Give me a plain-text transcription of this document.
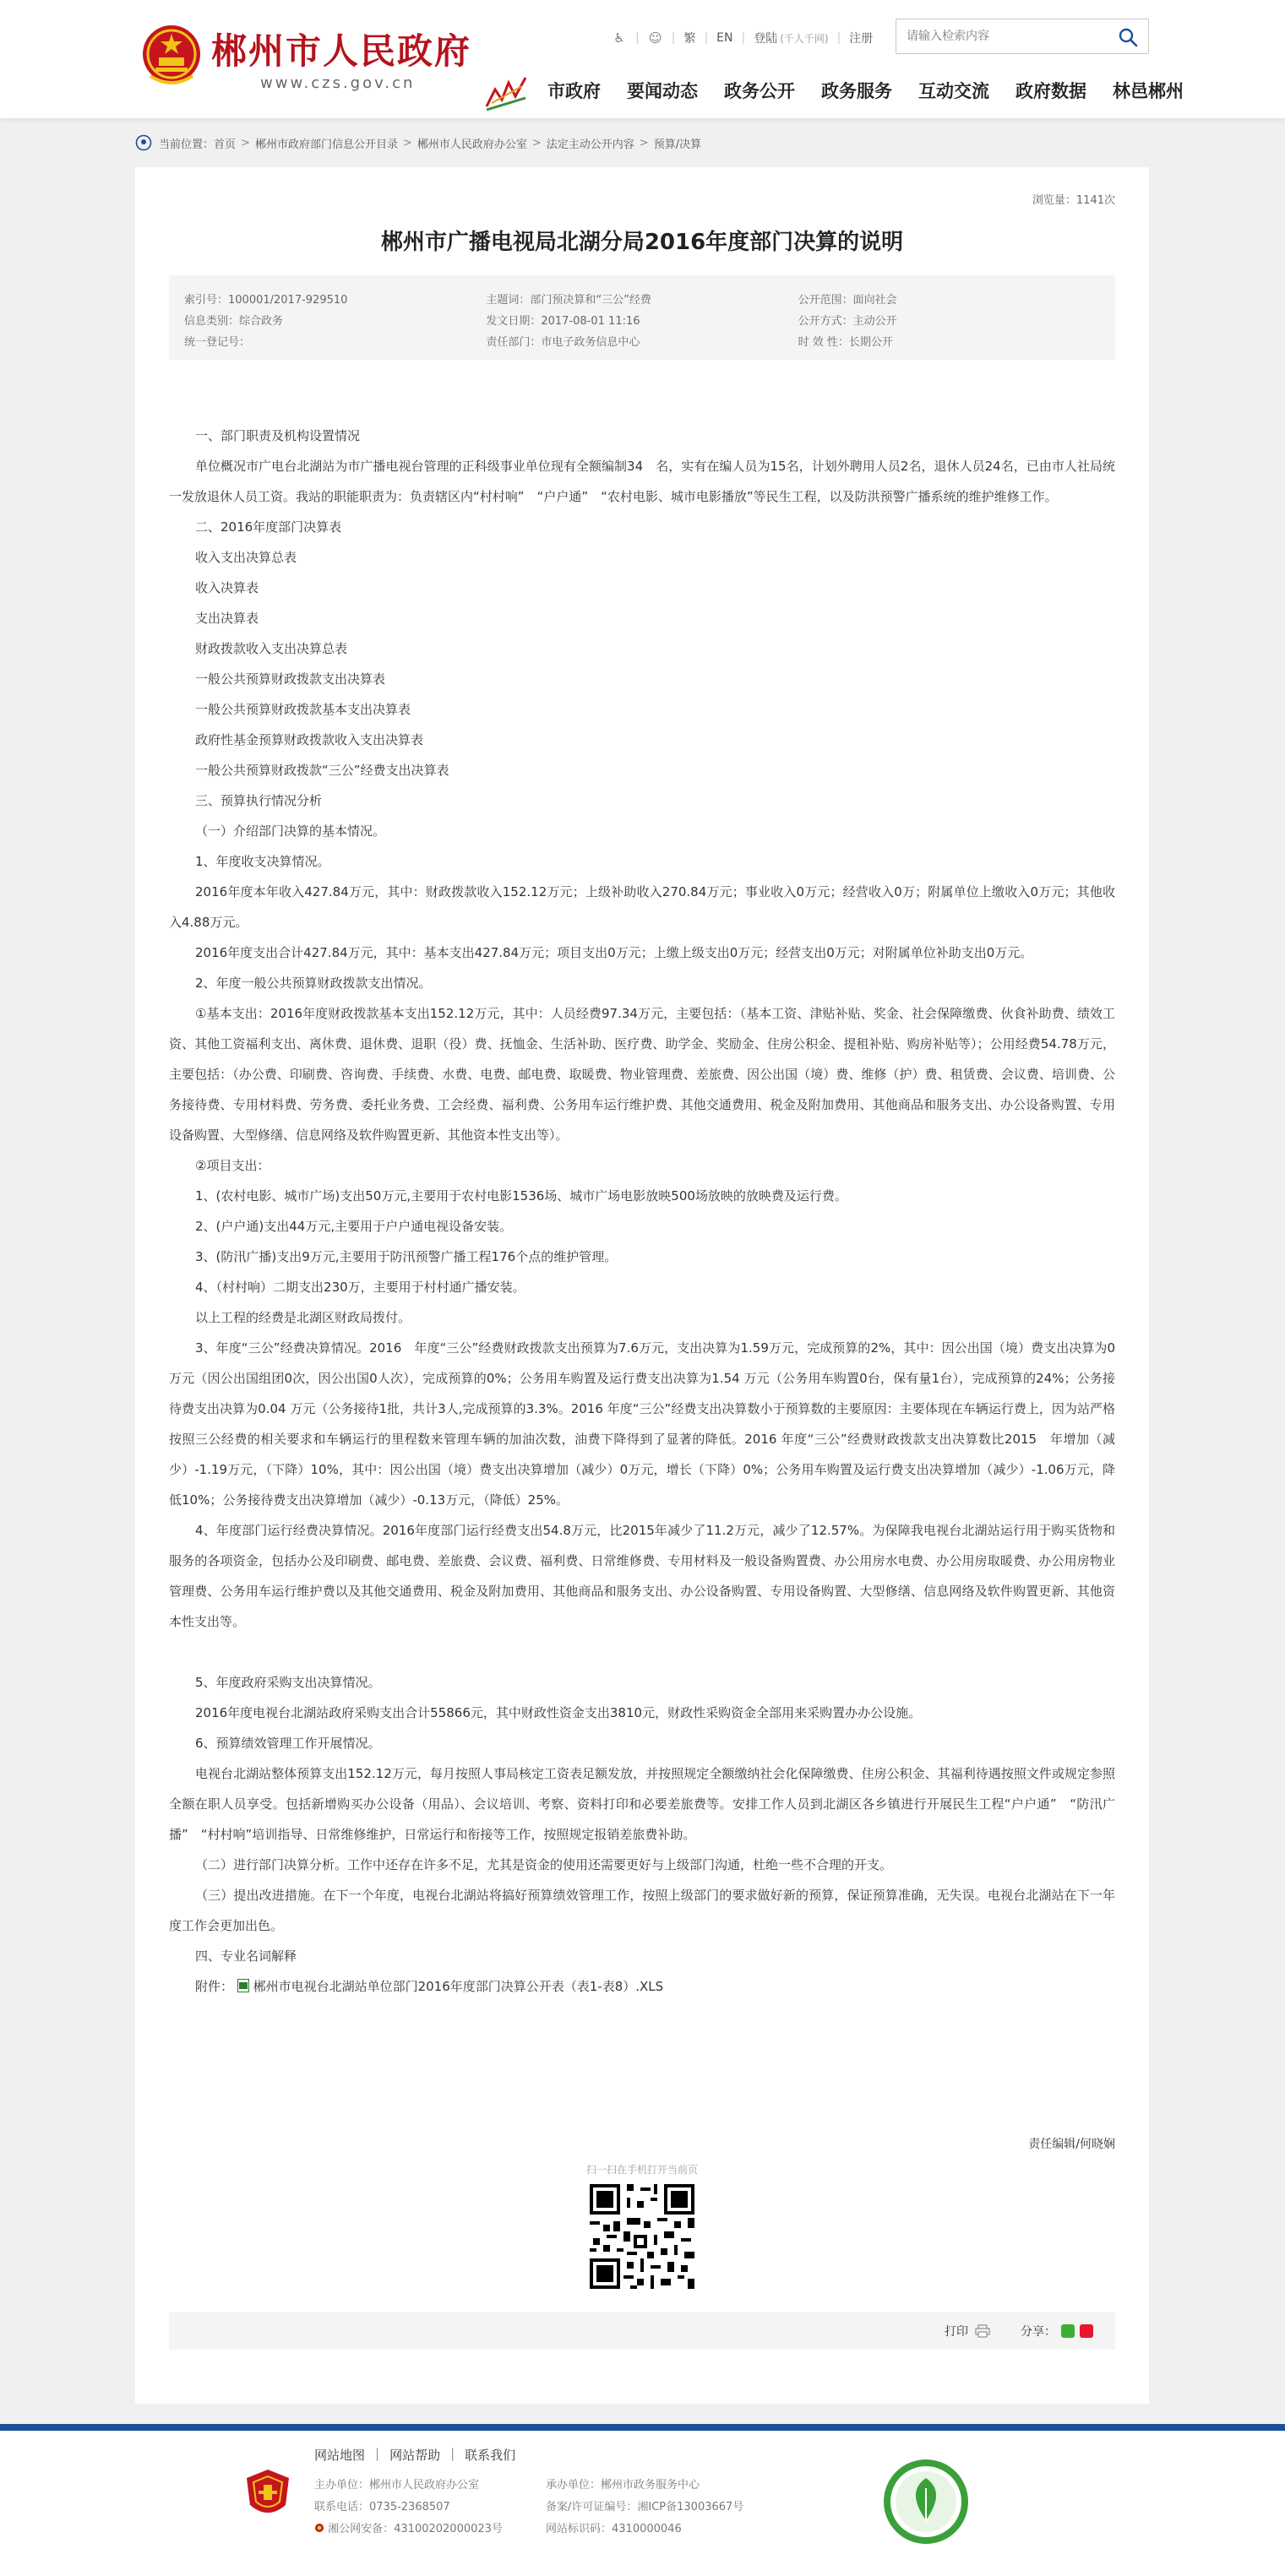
郴州市人民政府
www.czs.gov.cn
♿ | ☺ | 繁 | EN | 登陆 (千人千网) | 注册
请输入检索内容
市政府 要闻动态 政务公开 政务服务 互动交流 政府数据 林邑郴州
当前位置： 首页 > 郴州市政府部门信息公开目录 > 郴州市人民政府办公室 > 法定主动公开内容 > 预算/决算
浏览量：1141次
郴州市广播电视局北湖分局2016年度部门决算的说明
索引号：100001/2017-929510	主题词：部门预决算和“三公”经费	公开范围：面向社会
信息类别：综合政务	发文日期：2017-08-01 11:16	公开方式：主动公开
统一登记号：	责任部门：市电子政务信息中心	时 效 性：长期公开

一、部门职责及机构设置情况

单位概况市广电台北湖站为市广播电视台管理的正科级事业单位现有全额编制34　名，实有在编人员为15名，计划外聘用人员2名，退休人员24名，已由市人社局统一发放退休人员工资。我站的职能职责为：负责辖区内“村村响”　“户户通”　“农村电影、城市电影播放”等民生工程，以及防洪预警广播系统的维护维修工作。

二、2016年度部门决算表

收入支出决算总表

收入决算表

支出决算表

财政拨款收入支出决算总表

一般公共预算财政拨款支出决算表

一般公共预算财政拨款基本支出决算表

政府性基金预算财政拨款收入支出决算表

一般公共预算财政拨款“三公”经费支出决算表

三、预算执行情况分析

（一）介绍部门决算的基本情况。

1、年度收支决算情况。

2016年度本年收入427.84万元，其中：财政拨款收入152.12万元；上级补助收入270.84万元；事业收入0万元；经营收入0万；附属单位上缴收入0万元；其他收入4.88万元。

2016年度支出合计427.84万元，其中：基本支出427.84万元；项目支出0万元；上缴上级支出0万元；经营支出0万元；对附属单位补助支出0万元。

2、年度一般公共预算财政拨款支出情况。

①基本支出：2016年度财政拨款基本支出152.12万元，其中：人员经费97.34万元，主要包括：（基本工资、津贴补贴、奖金、社会保障缴费、伙食补助费、绩效工资、其他工资福利支出、离休费、退休费、退职（役）费、抚恤金、生活补助、医疗费、助学金、奖励金、住房公积金、提租补贴、购房补贴等）；公用经费54.78万元，主要包括：（办公费、印刷费、咨询费、手续费、水费、电费、邮电费、取暖费、物业管理费、差旅费、因公出国（境）费、维修（护）费、租赁费、会议费、培训费、公务接待费、专用材料费、劳务费、委托业务费、工会经费、福利费、公务用车运行维护费、其他交通费用、税金及附加费用、其他商品和服务支出、办公设备购置、专用设备购置、大型修缮、信息网络及软件购置更新、其他资本性支出等）。

②项目支出：

1、(农村电影、城市广场)支出50万元,主要用于农村电影1536场、城市广场电影放映500场放映的放映费及运行费。

2、(户户通)支出44万元,主要用于户户通电视设备安装。

3、(防汛广播)支出9万元,主要用于防汛预警广播工程176个点的维护管理。

4、（村村响）二期支出230万，主要用于村村通广播安装。

以上工程的经费是北湖区财政局拨付。

3、年度“三公”经费决算情况。2016　年度“三公”经费财政拨款支出预算为7.6万元，支出决算为1.59万元，完成预算的2%，其中：因公出国（境）费支出决算为0 万元（因公出国组团0次，因公出国0人次），完成预算的0%；公务用车购置及运行费支出决算为1.54 万元（公务用车购置0台，保有量1台），完成预算的24%；公务接待费支出决算为0.04 万元（公务接待1批，共计3人,完成预算的3.3%。2016 年度“三公”经费支出决算数小于预算数的主要原因：主要体现在车辆运行费上，因为站严格按照三公经费的相关要求和车辆运行的里程数来管理车辆的加油次数，油费下降得到了显著的降低。2016 年度“三公”经费财政拨款支出决算数比2015　年增加（减少）-1.19万元，（下降）10%，其中：因公出国（境）费支出决算增加（减少）0万元，增长（下降）0%；公务用车购置及运行费支出决算增加（减少）-1.06万元，降低10%；公务接待费支出决算增加（减少）-0.13万元，（降低）25%。

4、年度部门运行经费决算情况。2016年度部门运行经费支出54.8万元，比2015年减少了11.2万元，减少了12.57%。为保障我电视台北湖站运行用于购买货物和服务的各项资金，包括办公及印刷费、邮电费、差旅费、会议费、福利费、日常维修费、专用材料及一般设备购置费、办公用房水电费、办公用房取暖费、办公用房物业管理费、公务用车运行维护费以及其他交通费用、税金及附加费用、其他商品和服务支出、办公设备购置、专用设备购置、大型修缮、信息网络及软件购置更新、其他资本性支出等。

5、年度政府采购支出决算情况。

2016年度电视台北湖站政府采购支出合计55866元，其中财政性资金支出3810元，财政性采购资金全部用来采购置办办公设施。

6、预算绩效管理工作开展情况。

电视台北湖站整体预算支出152.12万元，每月按照人事局核定工资表足额发放，并按照规定全额缴纳社会化保障缴费、住房公积金、其福利待遇按照文件或规定参照全额在职人员享受。包括新增购买办公设备（用品）、会议培训、考察、资料打印和必要差旅费等。安排工作人员到北湖区各乡镇进行开展民生工程“户户通”　“防汛广播”　“村村响”培训指导、日常维修维护，日常运行和衔接等工作，按照规定报销差旅费补助。

（二）进行部门决算分析。工作中还存在许多不足，尤其是资金的使用还需要更好与上级部门沟通，杜绝一些不合理的开支。

（三）提出改进措施。在下一个年度，电视台北湖站将搞好预算绩效管理工作，按照上级部门的要求做好新的预算，保证预算准确，无失误。电视台北湖站在下一年度工作会更加出色。

四、专业名词解释

附件： 郴州市电视台北湖站单位部门2016年度部门决算公开表（表1-表8）.XLS

责任编辑/何晓娴
扫一扫在手机打开当前页
打印	分享：
网站地图 | 网站帮助 | 联系我们
主办单位：郴州市人民政府办公室	承办单位：郴州市政务服务中心
联系电话：0735-2368507	备案/许可证编号：湘ICP备13003667号
湘公网安备：43100202000023号	网站标识码：4310000046
